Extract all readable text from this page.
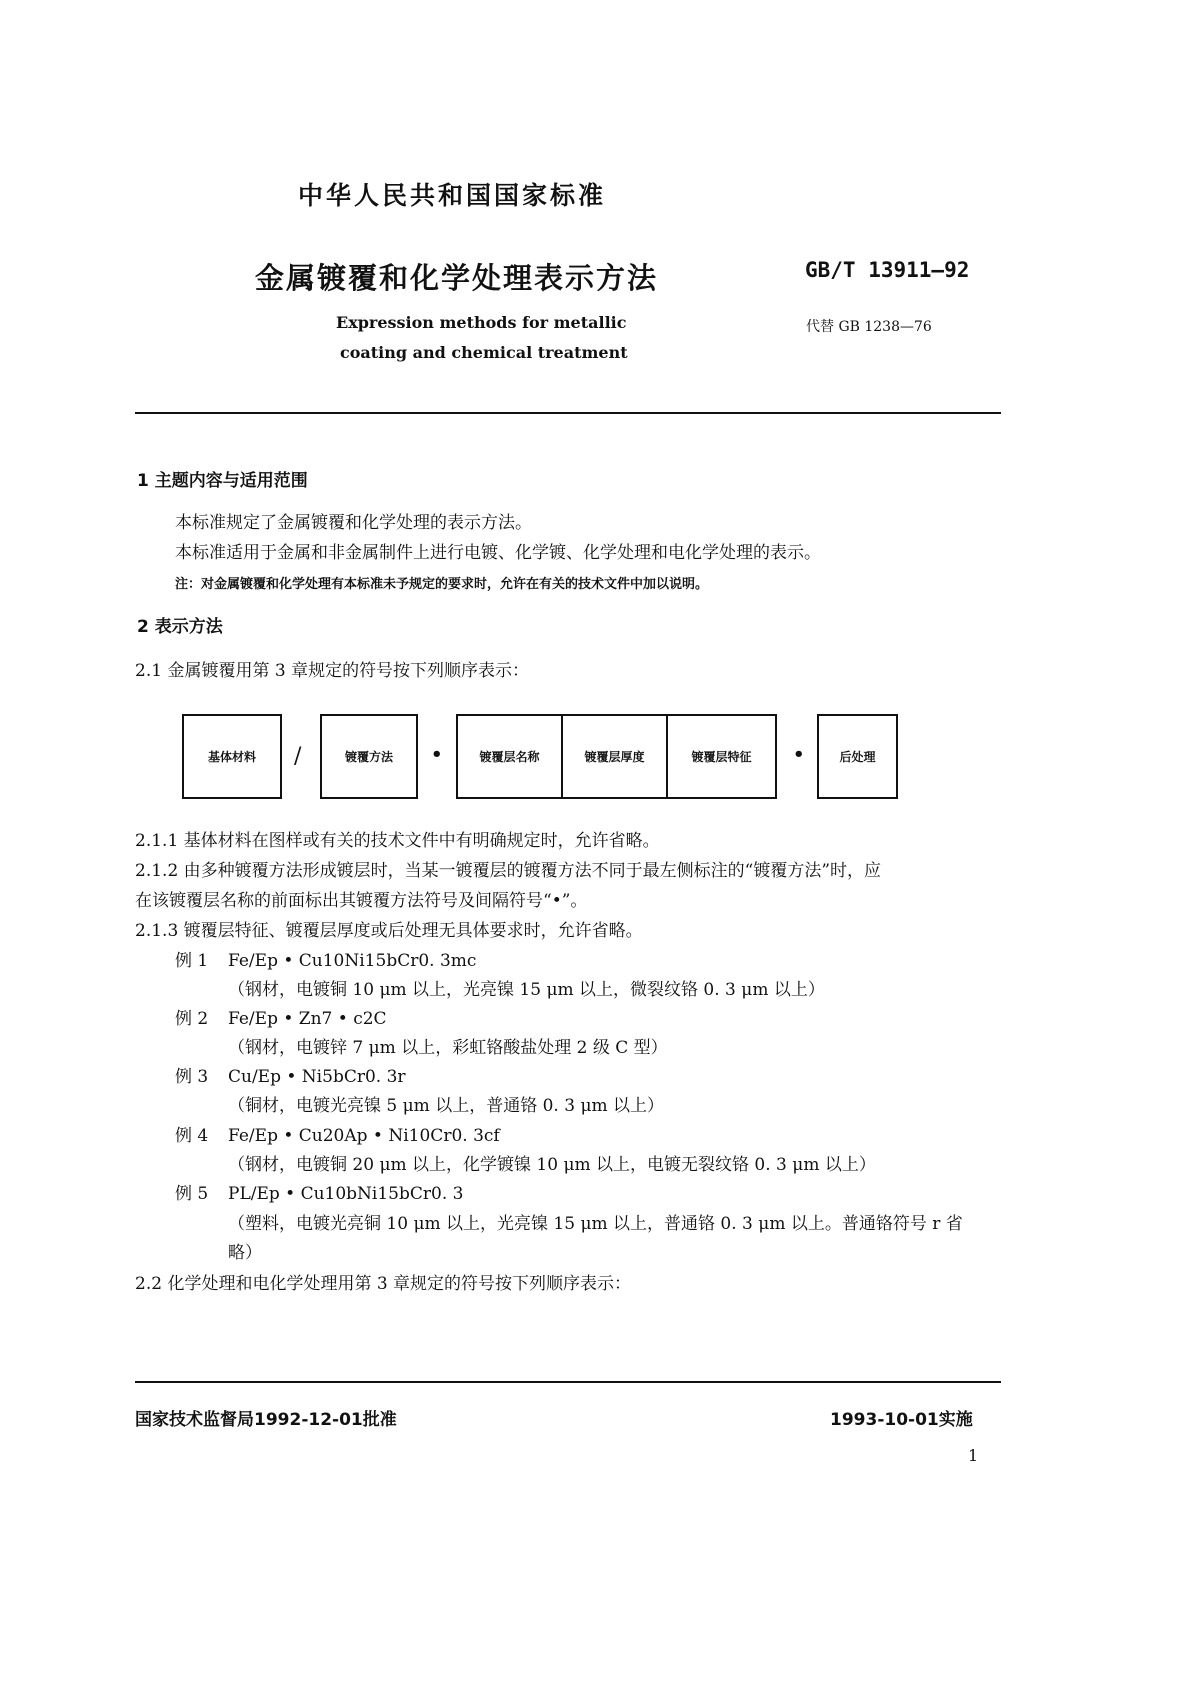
中华人民共和国国家标准
金属镀覆和化学处理表示方法	GB/T 13911—92
Expression methods for metallic
coating and chemical treatment
代替 GB 1238—76
1 主题内容与适用范围
本标准规定了金属镀覆和化学处理的表示方法。
本标准适用于金属和非金属制件上进行电镀、化学镀、化学处理和电化学处理的表示。
注：对金属镀覆和化学处理有本标准未予规定的要求时，允许在有关的技术文件中加以说明。
2 表示方法
2.1 金属镀覆用第 3 章规定的符号按下列顺序表示：
基体材料	/	镀覆方法	•	镀覆层名称	镀覆层厚度	镀覆层特征	•	后处理
2.1.1 基体材料在图样或有关的技术文件中有明确规定时，允许省略。
2.1.2 由多种镀覆方法形成镀层时，当某一镀覆层的镀覆方法不同于最左侧标注的“镀覆方法”时，应
在该镀覆层名称的前面标出其镀覆方法符号及间隔符号“•”。
2.1.3 镀覆层特征、镀覆层厚度或后处理无具体要求时，允许省略。
例 1 Fe/Ep • Cu10Ni15bCr0. 3mc
（钢材，电镀铜 10 μm 以上，光亮镍 15 μm 以上，微裂纹铬 0. 3 μm 以上）
例 2 Fe/Ep • Zn7 • c2C
（钢材，电镀锌 7 μm 以上，彩虹铬酸盐处理 2 级 C 型）
例 3 Cu/Ep • Ni5bCr0. 3r
（铜材，电镀光亮镍 5 μm 以上，普通铬 0. 3 μm 以上）
例 4 Fe/Ep • Cu20Ap • Ni10Cr0. 3cf
（钢材，电镀铜 20 μm 以上，化学镀镍 10 μm 以上，电镀无裂纹铬 0. 3 μm 以上）
例 5 PL/Ep • Cu10bNi15bCr0. 3
（塑料，电镀光亮铜 10 μm 以上，光亮镍 15 μm 以上，普通铬 0. 3 μm 以上。普通铬符号 r 省
略）
2.2 化学处理和电化学处理用第 3 章规定的符号按下列顺序表示：
国家技术监督局1992-12-01批准	1993-10-01实施
1
